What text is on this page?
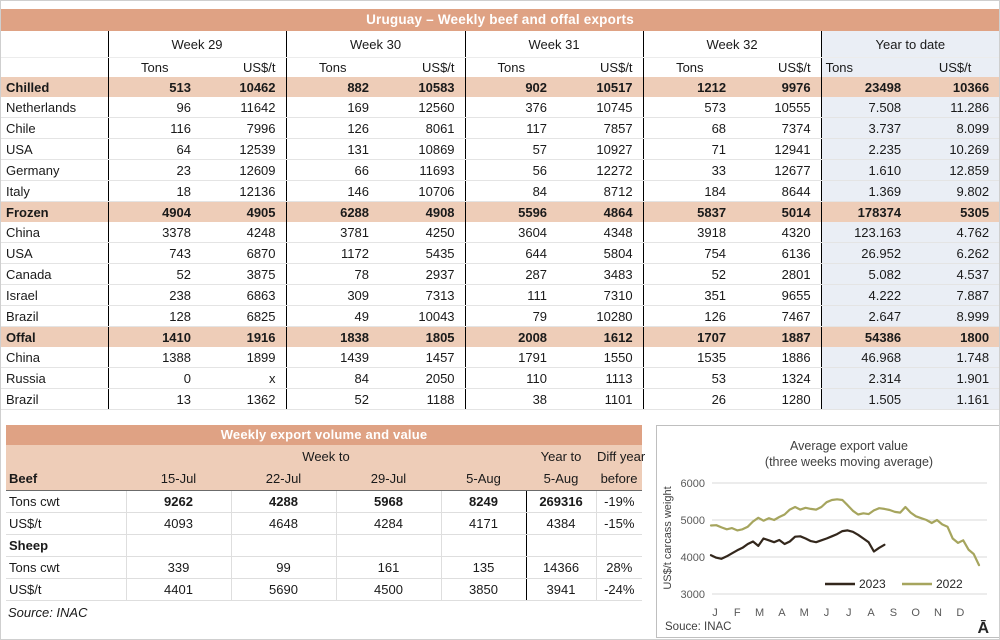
Uruguay – Weekly beef and offal exports
	Week 29		Week 30		Week 31		Week 32		Year to date	
	Tons	US$/t	Tons	US$/t	Tons	US$/t	Tons	US$/t	Tons	US$/t
Chilled	513	10462	882	10583	902	10517	1212	9976	23498	10366
Netherlands	96	11642	169	12560	376	10745	573	10555	7.508	11.286
Chile	116	7996	126	8061	117	7857	68	7374	3.737	8.099
USA	64	12539	131	10869	57	10927	71	12941	2.235	10.269
Germany	23	12609	66	11693	56	12272	33	12677	1.610	12.859
Italy	18	12136	146	10706	84	8712	184	8644	1.369	9.802
Frozen	4904	4905	6288	4908	5596	4864	5837	5014	178374	5305
China	3378	4248	3781	4250	3604	4348	3918	4320	123.163	4.762
USA	743	6870	1172	5435	644	5804	754	6136	26.952	6.262
Canada	52	3875	78	2937	287	3483	52	2801	5.082	4.537
Israel	238	6863	309	7313	111	7310	351	9655	4.222	7.887
Brazil	128	6825	49	10043	79	10280	126	7467	2.647	8.999
Offal	1410	1916	1838	1805	2008	1612	1707	1887	54386	1800
China	1388	1899	1439	1457	1791	1550	1535	1886	46.968	1.748
Russia	0	x	84	2050	110	1113	53	1324	2.314	1.901
Brazil	13	1362	52	1188	38	1101	26	1280	1.505	1.161
Weekly export volume and value
	Week to				Year to	Diff year
Beef	15-Jul	22-Jul	29-Jul	5-Aug	5-Aug	before
Tons cwt	9262	4288	5968	8249	269316	-19%
US$/t	4093	4648	4284	4171	4384	-15%
Sheep						
Tons cwt	339	99	161	135	14366	28%
US$/t	4401	5690	4500	3850	3941	-24%
Source: INAC
3000
4000
5000
6000
Average export value
(three weeks moving average)
US$/t carcass weight
J F M A M J J A S O N D
2023	2022
Souce: INAC	Ā
